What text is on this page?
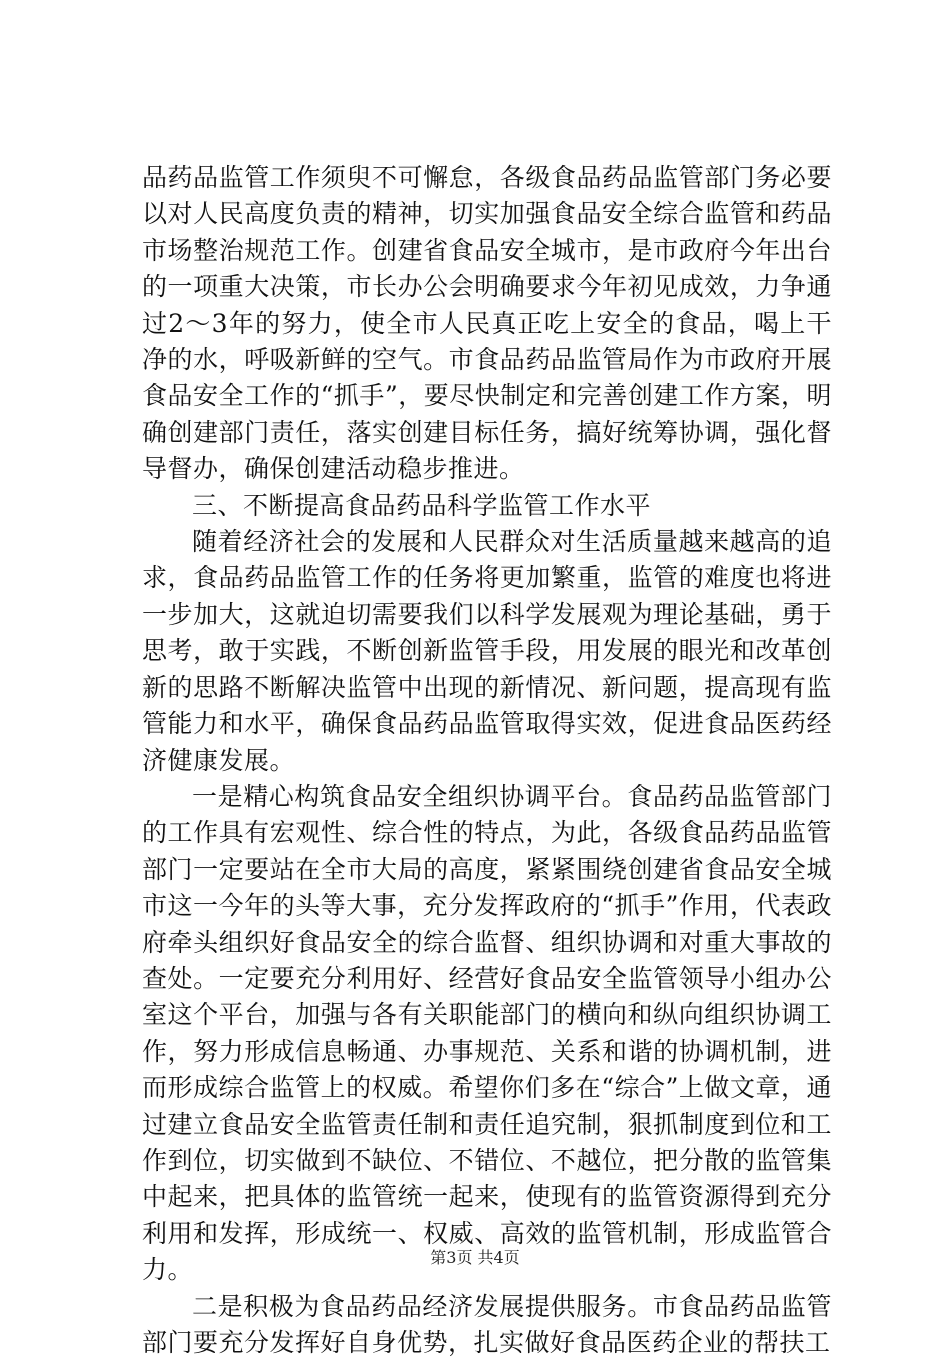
品药品监管工作须臾不可懈怠，各级食品药品监管部门务必要以对人民高度负责的精神，切实加强食品安全综合监管和药品市场整治规范工作。创建省食品安全城市，是市政府今年出台的一项重大决策，市长办公会明确要求今年初见成效，力争通过2～3年的努力，使全市人民真正吃上安全的食品，喝上干净的水，呼吸新鲜的空气。市食品药品监管局作为市政府开展食品安全工作的“抓手”，要尽快制定和完善创建工作方案，明确创建部门责任，落实创建目标任务，搞好统筹协调，强化督导督办，确保创建活动稳步推进。

三、不断提高食品药品科学监管工作水平

随着经济社会的发展和人民群众对生活质量越来越高的追求，食品药品监管工作的任务将更加繁重，监管的难度也将进一步加大，这就迫切需要我们以科学发展观为理论基础，勇于思考，敢于实践，不断创新监管手段，用发展的眼光和改革创新的思路不断解决监管中出现的新情况、新问题，提高现有监管能力和水平，确保食品药品监管取得实效，促进食品医药经济健康发展。

一是精心构筑食品安全组织协调平台。食品药品监管部门的工作具有宏观性、综合性的特点，为此，各级食品药品监管部门一定要站在全市大局的高度，紧紧围绕创建省食品安全城市这一今年的头等大事，充分发挥政府的“抓手”作用，代表政府牵头组织好食品安全的综合监督、组织协调和对重大事故的查处。一定要充分利用好、经营好食品安全监管领导小组办公室这个平台，加强与各有关职能部门的横向和纵向组织协调工作，努力形成信息畅通、办事规范、关系和谐的协调机制，进而形成综合监管上的权威。希望你们多在“综合”上做文章，通过建立食品安全监管责任制和责任追究制，狠抓制度到位和工作到位，切实做到不缺位、不错位、不越位，把分散的监管集中起来，把具体的监管统一起来，使现有的监管资源得到充分利用和发挥，形成统一、权威、高效的监管机制，形成监管合力。

二是积极为食品药品经济发展提供服务。市食品药品监管部门要充分发挥好自身优势，扎实做好食品医药企业的帮扶工

第3页 共4页
